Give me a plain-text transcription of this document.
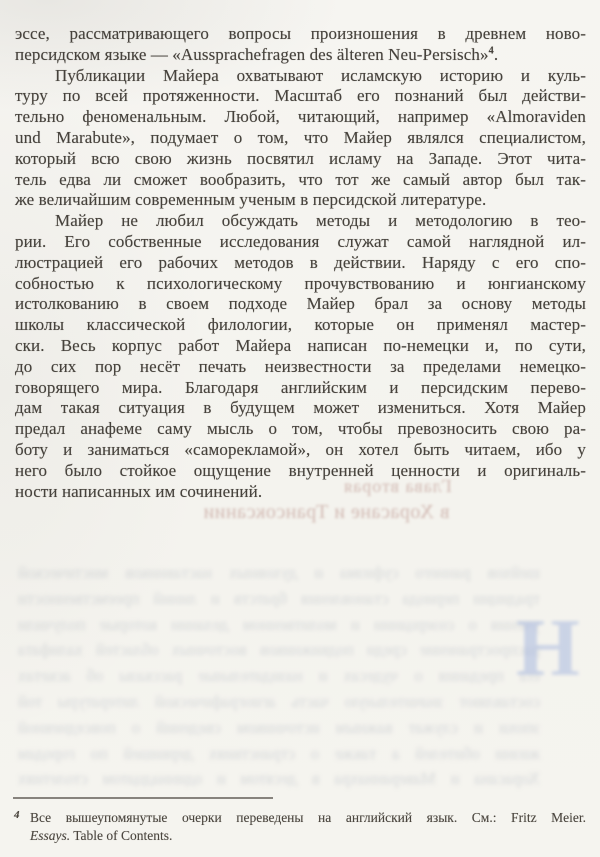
эссе, рассматривающего вопросы произношения в древнем ново-
персидском языке — «Aussprachefragen des älteren Neu-Persisch»$^4$.
Публикации Майера охватывают исламскую историю и куль-
туру по всей протяженности. Масштаб его познаний был действи-
тельно феноменальным. Любой, читающий, например «Almoraviden
und Marabute», подумает о том, что Майер являлся специалистом,
который всю свою жизнь посвятил исламу на Западе. Этот чита-
тель едва ли сможет вообразить, что тот же самый автор был так-
же величайшим современным ученым в персидской литературе.
Майер не любил обсуждать методы и методологию в тео-
рии. Его собственные исследования служат самой наглядной ил-
люстрацией его рабочих методов в действии. Наряду с его спо-
собностью к психологическому прочувствованию и юнгианскому
истолкованию в своем подходе Майер брал за основу методы
школы классической филологии, которые он применял мастер-
ски. Весь корпус работ Майера написан по-немецки и, по сути,
до сих пор несёт печать неизвестности за пределами немецко-
говорящего мира. Благодаря английским и персидским перево-
дам такая ситуация в будущем может измениться. Хотя Майер
предал анафеме саму мысль о том, чтобы превозносить свою ра-
боту и заниматься «саморекламой», он хотел быть читаем, ибо у
него было стойкое ощущение внутренней ценности и оригиналь-
ности написанных им сочинений.	Глава вторая
в Хорасане и Трансоксании
шейхов раннего суфизма и духовных наставников мистической
традиции периода становления братств и линий преемственности
учения о созерцании и молитвенном делании которые получили
распространение среди подвижников восточных областей халифата
era предания о чудесах и назидательные рассказы об аскетах
составляют значительную часть агиографической литературы той
эпохи и служат важным источником сведений о повседневной
жизни обителей а также о странствиях дервишей по городам
Хорасана и Мавераннахра в десятом и одиннадцатом столетиях
Н
4 Все вышеупомянутые очерки переведены на английский язык. См.: Fritz Meier.
Essays. Table of Contents.
